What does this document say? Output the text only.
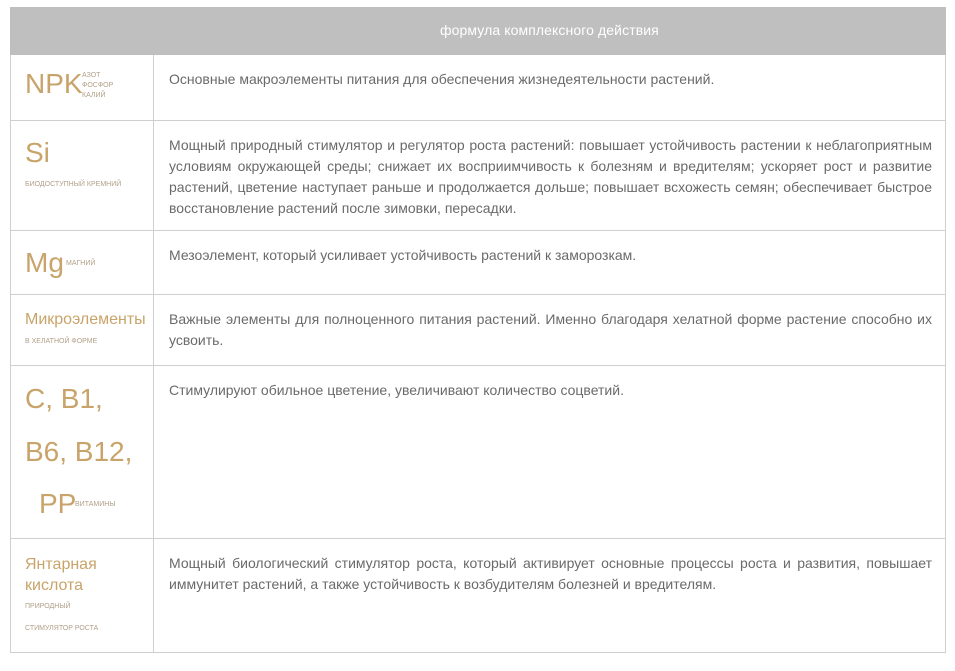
формула комплексного действия
NPK АЗОТ
ФОСФОР
КАЛИЙ
Основные макроэлементы питания для обеспечения жизнедеятельности растений.
Si
БИОДОСТУПНЫЙ КРЕМНИЙ
Мощный природный стимулятор и регулятор роста растений: повышает устойчивость растении к неблагоприятным условиям окружающей среды; снижает их восприимчивость к болезням и вредителям; ускоряет рост и развитие растений, цветение наступает раньше и продолжается дольше; повышает всхожесть семян; обеспечивает быстрое восстановление растений после зимовки, пересадки.
Mg МАГНИЙ
Мезоэлемент, который усиливает устойчивость растений к заморозкам.
Микроэлементы
В ХЕЛАТНОЙ ФОРМЕ
Важные элементы для полноценного питания растений. Именно благодаря хелатной форме растение способно их усвоить.
C, B1,
B6, B12,
PP
ВИТАМИНЫ
Стимулируют обильное цветение, увеличивают количество соцветий.
Янтарная
кислота
ПРИРОДНЫЙ
СТИМУЛЯТОР РОСТА
Мощный биологический стимулятор роста, который активирует основные процессы роста и развития, повышает иммунитет растений, а также устойчивость к возбудителям болезней и вредителям.
